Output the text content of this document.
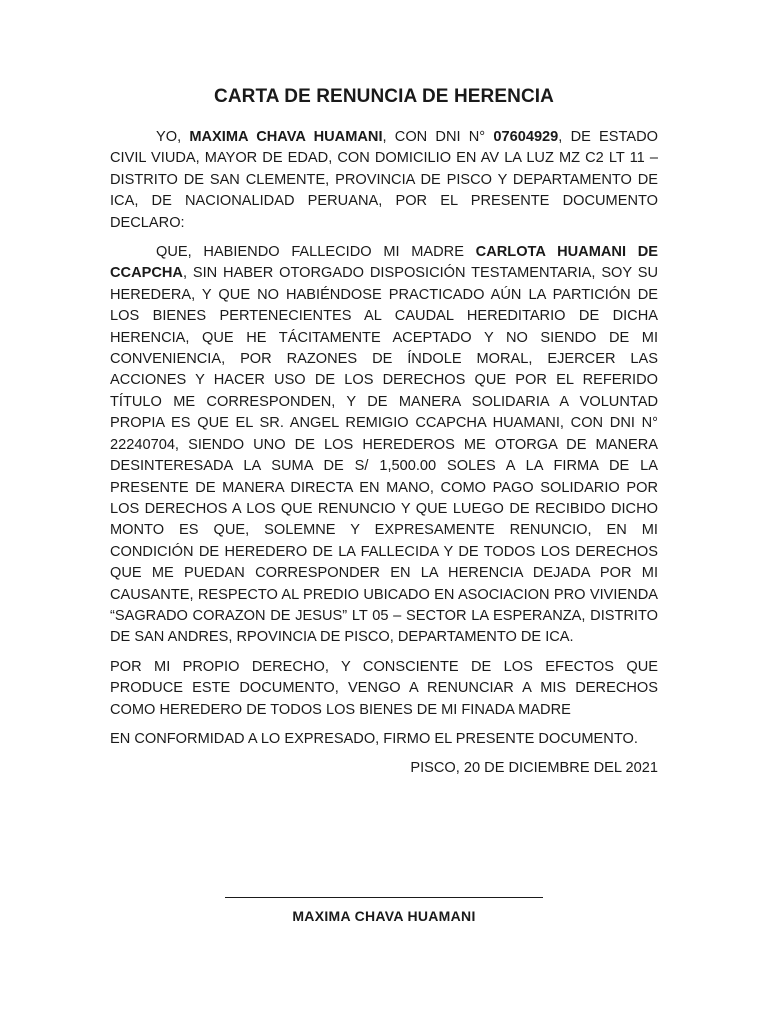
CARTA DE RENUNCIA DE HERENCIA

YO, MAXIMA CHAVA HUAMANI, CON DNI N° 07604929, DE ESTADO CIVIL VIUDA, MAYOR DE EDAD, CON DOMICILIO EN AV LA LUZ MZ C2 LT 11 – DISTRITO DE SAN CLEMENTE, PROVINCIA DE PISCO Y DEPARTAMENTO DE ICA, DE NACIONALIDAD PERUANA, POR EL PRESENTE DOCUMENTO DECLARO:

QUE, HABIENDO FALLECIDO MI MADRE CARLOTA HUAMANI DE CCAPCHA, SIN HABER OTORGADO DISPOSICIÓN TESTAMENTARIA, SOY SU HEREDERA, Y QUE NO HABIÉNDOSE PRACTICADO AÚN LA PARTICIÓN DE LOS BIENES PERTENECIENTES AL CAUDAL HEREDITARIO DE DICHA HERENCIA, QUE HE TÁCITAMENTE ACEPTADO Y NO SIENDO DE MI CONVENIENCIA, POR RAZONES DE ÍNDOLE MORAL, EJERCER LAS ACCIONES Y HACER USO DE LOS DERECHOS QUE POR EL REFERIDO TÍTULO ME CORRESPONDEN, Y DE MANERA SOLIDARIA A VOLUNTAD PROPIA ES QUE EL SR. ANGEL REMIGIO CCAPCHA HUAMANI, CON DNI N° 22240704, SIENDO UNO DE LOS HEREDEROS ME OTORGA DE MANERA DESINTERESADA LA SUMA DE S/ 1,500.00 SOLES A LA FIRMA DE LA PRESENTE DE MANERA DIRECTA EN MANO, COMO PAGO SOLIDARIO POR LOS DERECHOS A LOS QUE RENUNCIO Y QUE LUEGO DE RECIBIDO DICHO MONTO ES QUE, SOLEMNE Y EXPRESAMENTE RENUNCIO, EN MI CONDICIÓN DE HEREDERO DE LA FALLECIDA Y DE TODOS LOS DERECHOS QUE ME PUEDAN CORRESPONDER EN LA HERENCIA DEJADA POR MI CAUSANTE, RESPECTO AL PREDIO UBICADO EN ASOCIACION PRO VIVIENDA “SAGRADO CORAZON DE JESUS” LT 05 – SECTOR LA ESPERANZA, DISTRITO DE SAN ANDRES, RPOVINCIA DE PISCO, DEPARTAMENTO DE ICA.

POR MI PROPIO DERECHO, Y CONSCIENTE DE LOS EFECTOS QUE PRODUCE ESTE DOCUMENTO, VENGO A RENUNCIAR A MIS DERECHOS COMO HEREDERO DE TODOS LOS BIENES DE MI FINADA MADRE

EN CONFORMIDAD A LO EXPRESADO, FIRMO EL PRESENTE DOCUMENTO.

PISCO, 20 DE DICIEMBRE DEL 2021

MAXIMA CHAVA HUAMANI
